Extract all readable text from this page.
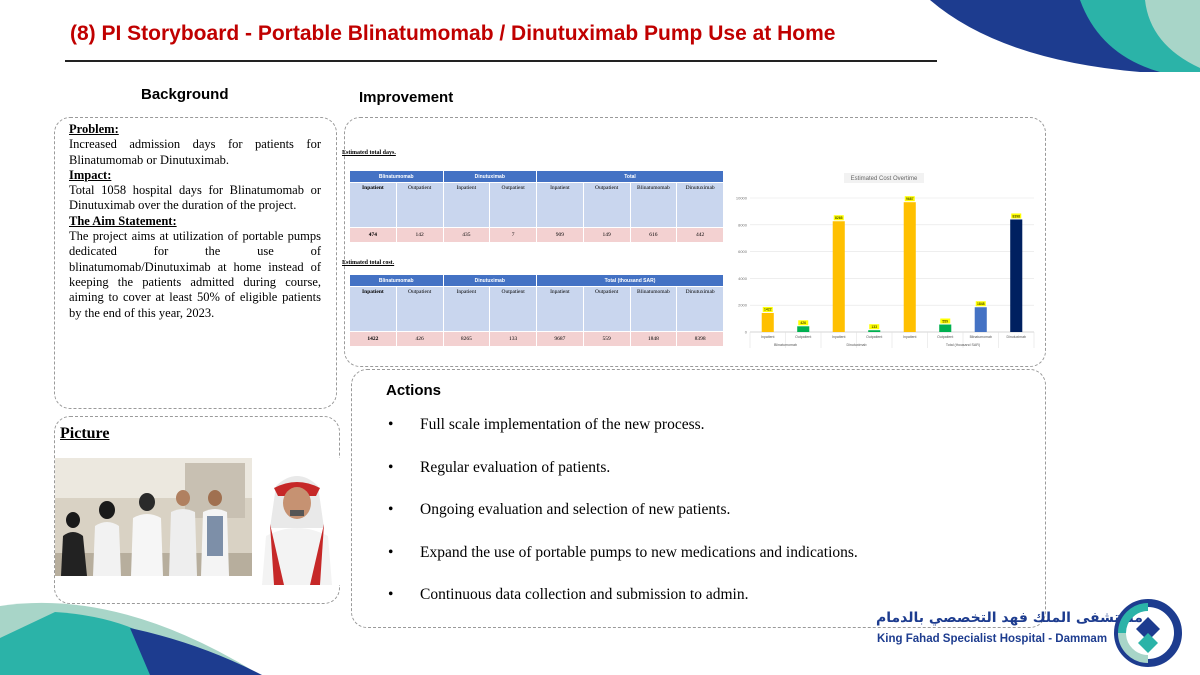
(8) PI Storyboard - Portable Blinatumomab / Dinutuximab Pump Use at Home
Background
Problem:

Increased admission days for patients for Blinatumomab or Dinutuximab.

Impact:

Total 1058 hospital days for Blinatumomab or Dinutuximab over the duration of the project.

The Aim Statement:

The project aims at utilization of portable pumps dedicated for the use of blinatumomab/Dinutuximab at home instead of keeping the patients admitted during course, aiming to cover at least 50% of eligible patients by the end of this year, 2023.

Picture
Improvement
Estimated total days.
Blinatumomab		Dinutuximab		Total			
Inpatient	Outpatient	Inpatient	Outpatient	Inpatient	Outpatient	Blinatumomab	Dinutuximab
474	142	435	7	909	149	616	442
Estimated total cost.
Blinatumomab		Dinutuximab		Total (thousand SAR)			
Inpatient	Outpatient	Inpatient	Outpatient	Inpatient	Outpatient	Blinatumomab	Dinutuximab
1422	426	8265	133	9687	559	1848	8398
Estimated Cost Overtime
0
2000
4000
6000
8000
10000
1422
Inpatient
426
Outpatient
8265
Inpatient
133
Outpatient
9687
Inpatient
559
Outpatient
1848
Blinatumomab
8398
Dinutuximab
Blinatumomab	Dinutuximab	Total (thousand SAR)
Actions
• Full scale implementation of the new process.
• Regular evaluation of patients.
• Ongoing evaluation and selection of new patients.
• Expand the use of portable pumps to new medications and indications.
• Continuous data collection and submission to admin.
مستشفى الملك فهد التخصصي بالدمام
King Fahad Specialist Hospital - Dammam
